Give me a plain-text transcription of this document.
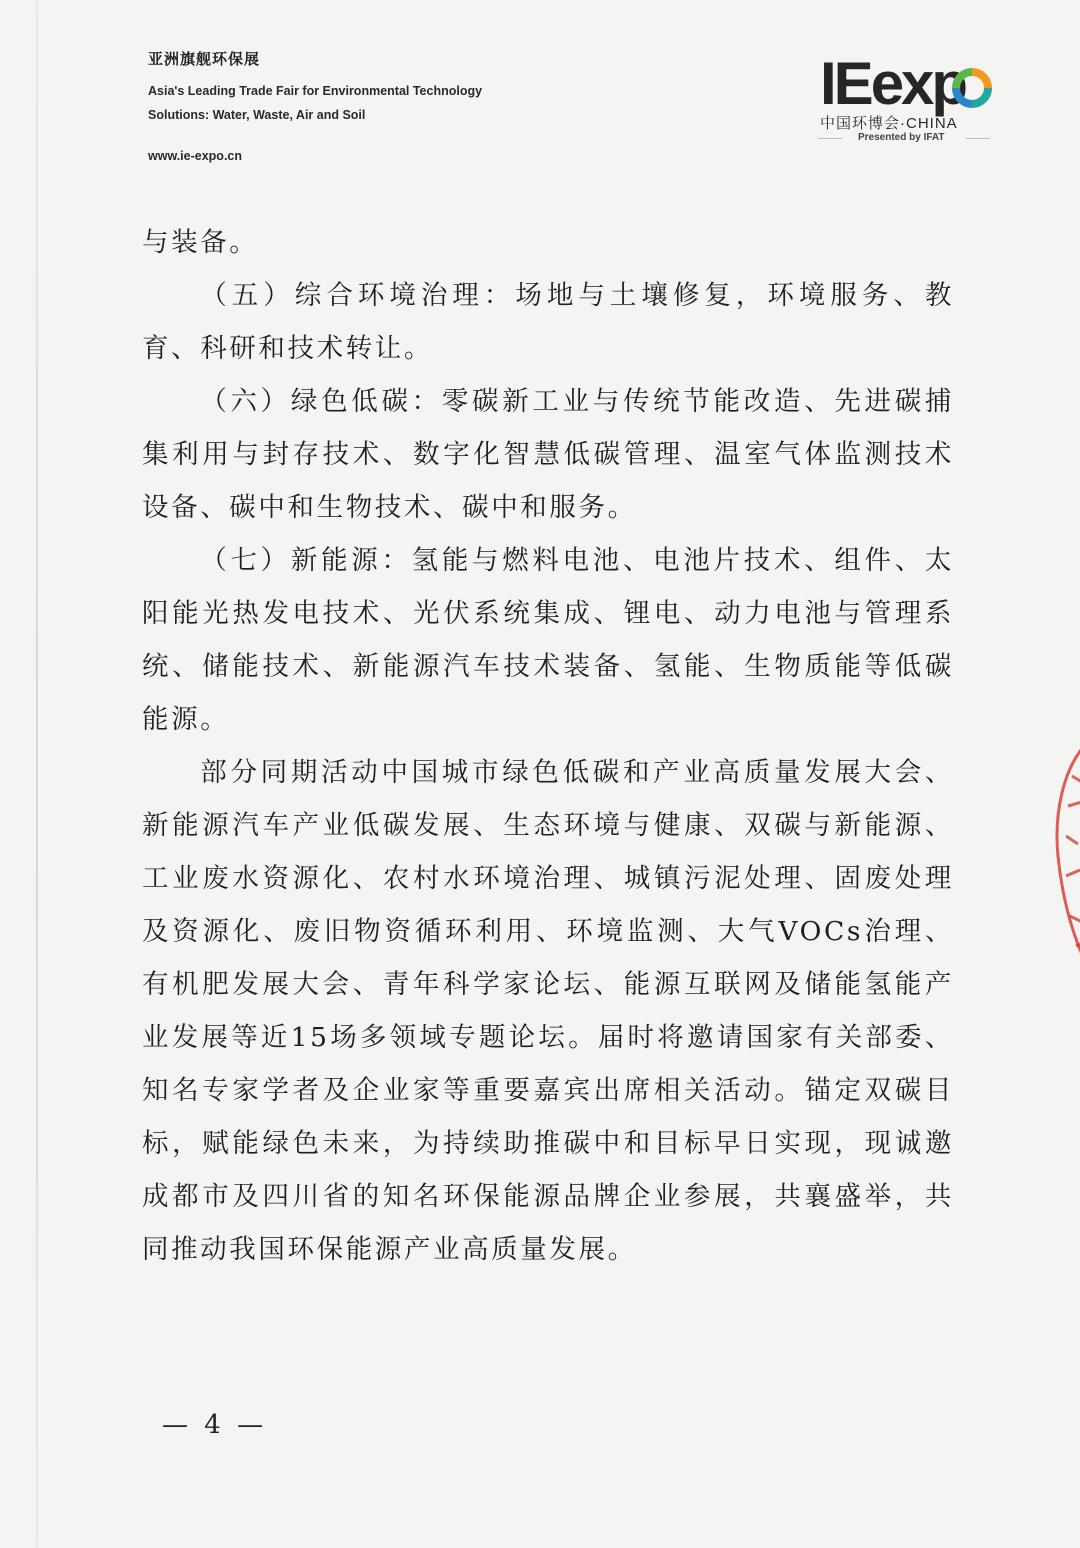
亚洲旗舰环保展
Asia's Leading Trade Fair for Environmental Technology
Solutions: Water, Waste, Air and Soil
www.ie-expo.cn
IEexp
中国环博会·CHINA
Presented by IFAT

与装备。

（五）综合环境治理：场地与土壤修复，环境服务、教育、科研和技术转让。

（六）绿色低碳：零碳新工业与传统节能改造、先进碳捕集利用与封存技术、数字化智慧低碳管理、温室气体监测技术设备、碳中和生物技术、碳中和服务。

（七）新能源：氢能与燃料电池、电池片技术、组件、太阳能光热发电技术、光伏系统集成、锂电、动力电池与管理系统、储能技术、新能源汽车技术装备、氢能、生物质能等低碳能源。

部分同期活动中国城市绿色低碳和产业高质量发展大会、新能源汽车产业低碳发展、生态环境与健康、双碳与新能源、工业废水资源化、农村水环境治理、城镇污泥处理、固废处理及资源化、废旧物资循环利用、环境监测、大气VOCs治理、有机肥发展大会、青年科学家论坛、能源互联网及储能氢能产业发展等近15场多领域专题论坛。届时将邀请国家有关部委、知名专家学者及企业家等重要嘉宾出席相关活动。锚定双碳目标，赋能绿色未来，为持续助推碳中和目标早日实现，现诚邀成都市及四川省的知名环保能源品牌企业参展，共襄盛举，共同推动我国环保能源产业高质量发展。

— 4 —
